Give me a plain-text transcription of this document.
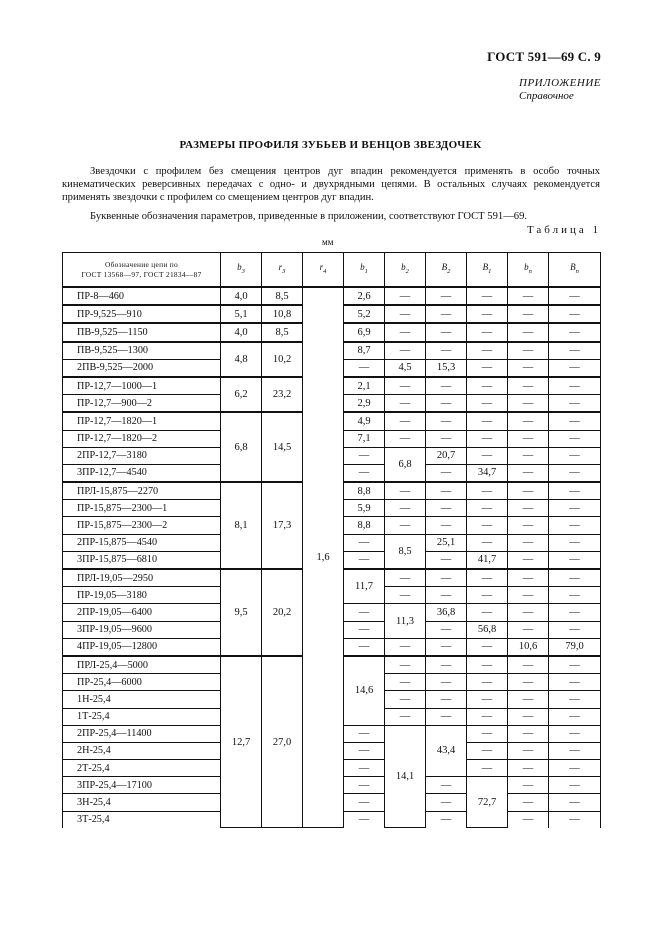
ГОСТ 591—69 С. 9
ПРИЛОЖЕНИЕ
Справочное
РАЗМЕРЫ ПРОФИЛЯ ЗУБЬЕВ И ВЕНЦОВ ЗВЕЗДОЧЕК

Звездочки с профилем без смещения центров дуг впадин рекомендуется применять в особо точных кинематических реверсивных передачах с одно- и двухрядными цепями. В остальных случаях рекомендуется применять звездочки с профилем со смещением центров дуг впадин.

Буквенные обозначения параметров, приведенные в приложении, соответствуют ГОСТ 591—69.

Таблица 1
мм
Обозначение цепи по
ГОСТ 13568—97, ГОСТ 21834—87	$b_3$	$r_3$	$r_4$	$b_1$	$b_2$	$B_2$	$B_1$	$b_п$	$B_п$
ПР-8—460	4,0	8,5	1,6	2,6	—	—	—	—	—
ПР-9,525—910	5,1	10,8		5,2	—	—	—	—	—
ПВ-9,525—1150	4,0	8,5		6,9	—	—	—	—	—
ПВ-9,525—1300	4,8	10,2		8,7	—	—	—	—	—
2ПВ-9,525—2000				—	4,5	15,3	—	—	—
ПР-12,7—1000—1	6,2	23,2		2,1	—	—	—	—	—
ПР-12,7—900—2				2,9	—	—	—	—	—
ПР-12,7—1820—1	6,8	14,5		4,9	—	—	—	—	—
ПР-12,7—1820—2				7,1	—	—	—	—	—
2ПР-12,7—3180				—	6,8	20,7	—	—	—
3ПР-12,7—4540				—		—	34,7	—	—
ПРЛ-15,875—2270	8,1	17,3		8,8	—	—	—	—	—
ПР-15,875—2300—1				5,9	—	—	—	—	—
ПР-15,875—2300—2				8,8	—	—	—	—	—
2ПР-15,875—4540				—	8,5	25,1	—	—	—
3ПР-15,875—6810				—		—	41,7	—	—
ПРЛ-19,05—2950	9,5	20,2		11,7	—	—	—	—	—
ПР-19,05—3180					—	—	—	—	—
2ПР-19,05—6400				—	11,3	36,8	—	—	—
3ПР-19,05—9600				—		—	56,8	—	—
4ПР-19,05—12800				—	—	—	—	10,6	79,0
ПРЛ-25,4—5000	12,7	27,0		14,6	—	—	—	—	—
ПР-25,4—6000					—	—	—	—	—
1Н-25,4					—	—	—	—	—
1Т-25,4					—	—	—	—	—
2ПР-25,4—11400				—	14,1	43,4	—	—	—
2Н-25,4				—			—	—	—
2Т-25,4				—			—	—	—
3ПР-25,4—17100				—		—	72,7	—	—
3Н-25,4				—		—		—	—
3Т-25,4				—		—		—	—
